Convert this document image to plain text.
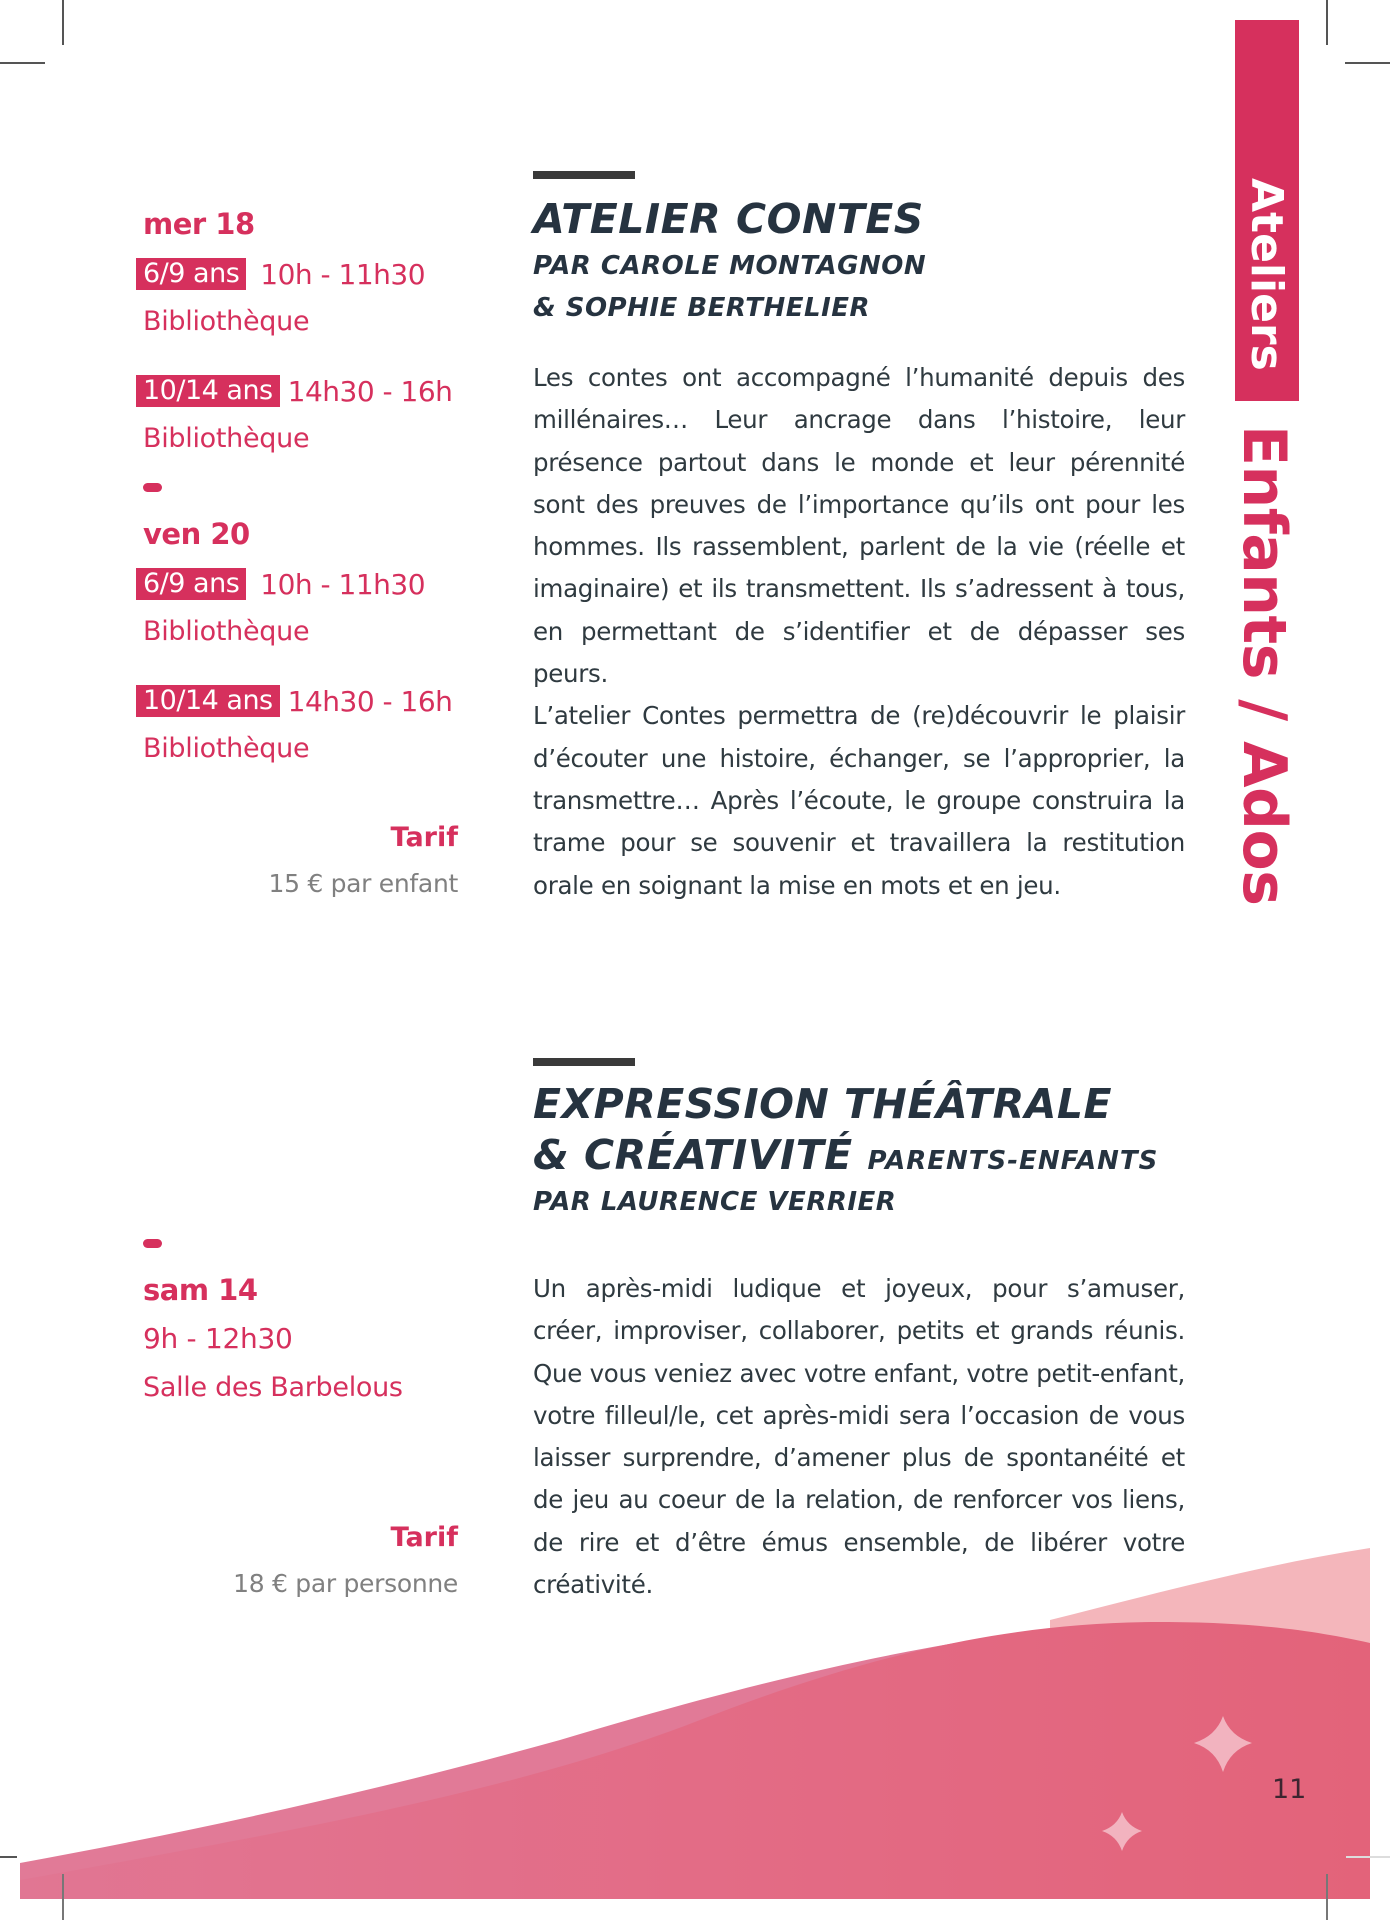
mer 18
6/9 ans 10h - 11h30
Bibliothèque
10/14 ans 14h30 - 16h
Bibliothèque
ven 20
6/9 ans 10h - 11h30
Bibliothèque
10/14 ans 14h30 - 16h
Bibliothèque
Tarif
15 € par enfant
ATELIER CONTES
PAR CAROLE MONTAGNON
& SOPHIE BERTHELIER

Les contes ont accompagné l’humanité depuis des millénaires… Leur ancrage dans l’histoire, leur présence partout dans le monde et leur pérennité sont des preuves de l’importance qu’ils ont pour les hommes. Ils rassemblent, parlent de la vie (réelle et imaginaire) et ils transmettent. Ils s’adressent à tous, en permettant de s’identifier et de dépasser ses peurs.

L’atelier Contes permettra de (re)découvrir le plaisir d’écouter une histoire, échanger, se l’approprier, la transmettre… Après l’écoute, le groupe construira la trame pour se souvenir et travaillera la restitution orale en soignant la mise en mots et en jeu.

sam 14
9h - 12h30
Salle des Barbelous
Tarif
18 € par personne
EXPRESSION THÉÂTRALE
& CRÉATIVITÉ PARENTS-ENFANTS
PAR LAURENCE VERRIER

Un après-midi ludique et joyeux, pour s’amuser, créer, improviser, collaborer, petits et grands réunis. Que vous veniez avec votre enfant, votre petit-enfant, votre filleul/le, cet après-midi sera l’occasion de vous laisser surprendre, d’amener plus de spontanéité et de jeu au coeur de la relation, de renforcer vos liens, de rire et d’être émus ensemble, de libérer votre créativité.

Ateliers
Enfants / Ados
11
